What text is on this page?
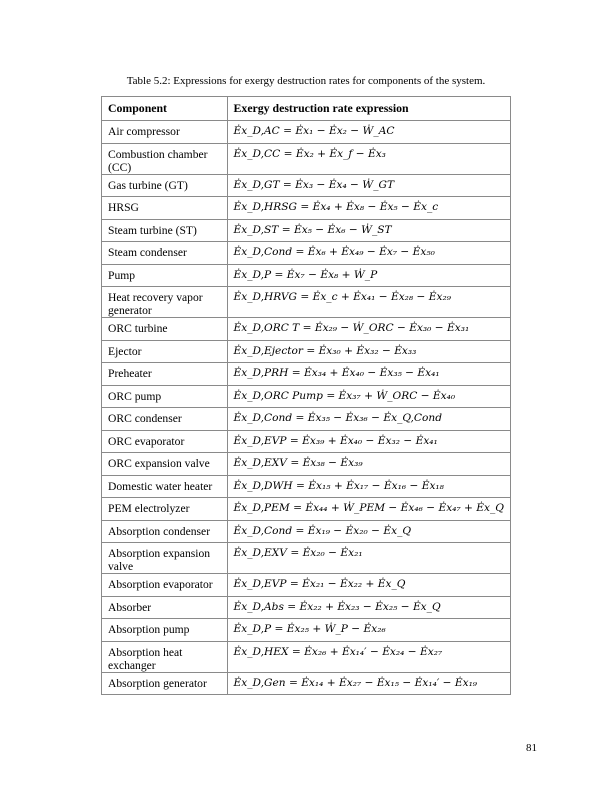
Table 5.2: Expressions for exergy destruction rates for components of the system.
Component	Exergy destruction rate expression
Air compressor	Ėx_D,AC = Ėx₁ − Ėx₂ − Ẇ_AC
Combustion chamber (CC)	Ėx_D,CC = Ėx₂ + Ėx_f − Ėx₃
Gas turbine (GT)	Ėx_D,GT = Ėx₃ − Ėx₄ − Ẇ_GT
HRSG	Ėx_D,HRSG = Ėx₄ + Ėx₈ − Ėx₅ − Ėx_c
Steam turbine (ST)	Ėx_D,ST = Ėx₅ − Ėx₆ − Ẇ_ST
Steam condenser	Ėx_D,Cond = Ėx₆ + Ėx₄₉ − Ėx₇ − Ėx₅₀
Pump	Ėx_D,P = Ėx₇ − Ėx₈ + Ẇ_P
Heat recovery vapor generator	Ėx_D,HRVG = Ėx_c + Ėx₄₁ − Ėx₂₈ − Ėx₂₉
ORC turbine	Ėx_D,ORC T = Ėx₂₉ − Ẇ_ORC − Ėx₃₀ − Ėx₃₁
Ejector	Ėx_D,Ejector = Ėx₃₀ + Ėx₃₂ − Ėx₃₃
Preheater	Ėx_D,PRH = Ėx₃₄ + Ėx₄₀ − Ėx₃₅ − Ėx₄₁
ORC pump	Ėx_D,ORC Pump = Ėx₃₇ + Ẇ_ORC − Ėx₄₀
ORC condenser	Ėx_D,Cond = Ėx₃₅ − Ėx₃₆ − Ėx_Q,Cond
ORC evaporator	Ėx_D,EVP = Ėx₃₉ + Ėx₄₀ − Ėx₃₂ − Ėx₄₁
ORC expansion valve	Ėx_D,EXV = Ėx₃₈ − Ėx₃₉
Domestic water heater	Ėx_D,DWH = Ėx₁₅ + Ėx₁₇ − Ėx₁₆ − Ėx₁₈
PEM electrolyzer	Ėx_D,PEM = Ėx₄₄ + Ẇ_PEM − Ėx₄₆ − Ėx₄₇ + Ėx_Q
Absorption condenser	Ėx_D,Cond = Ėx₁₉ − Ėx₂₀ − Ėx_Q
Absorption expansion valve	Ėx_D,EXV = Ėx₂₀ − Ėx₂₁
Absorption evaporator	Ėx_D,EVP = Ėx₂₁ − Ėx₂₂ + Ėx_Q
Absorber	Ėx_D,Abs = Ėx₂₂ + Ėx₂₃ − Ėx₂₅ − Ėx_Q
Absorption pump	Ėx_D,P = Ėx₂₅ + Ẇ_P − Ėx₂₆
Absorption heat exchanger	Ėx_D,HEX = Ėx₂₆ + Ėx₁₄′ − Ėx₂₄ − Ėx₂₇
Absorption generator	Ėx_D,Gen = Ėx₁₄ + Ėx₂₇ − Ėx₁₅ − Ėx₁₄′ − Ėx₁₉
81
